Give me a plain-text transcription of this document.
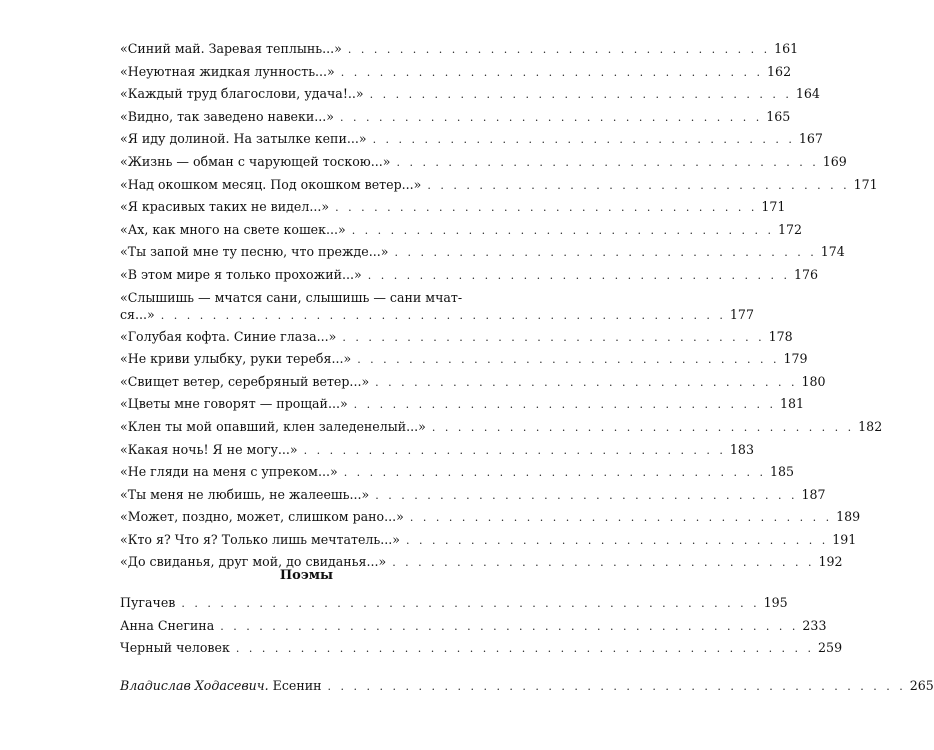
«Синий май. Заревая теплынь...» . . . . . . . . . . . . . . . . . . . . . . . . . . . . . . . . . 161
«Неуютная жидкая лунность...» . . . . . . . . . . . . . . . . . . . . . . . . . . . . . . . . . 162
«Каждый труд благослови, удача!..» . . . . . . . . . . . . . . . . . . . . . . . . . . . . . . . . . 164
«Видно, так заведено навеки...» . . . . . . . . . . . . . . . . . . . . . . . . . . . . . . . . . 165
«Я иду долиной. На затылке кепи...» . . . . . . . . . . . . . . . . . . . . . . . . . . . . . . . . . 167
«Жизнь — обман с чарующей тоскою...» . . . . . . . . . . . . . . . . . . . . . . . . . . . . . . . . . 169
«Над окошком месяц. Под окошком ветер...» . . . . . . . . . . . . . . . . . . . . . . . . . . . . . . . . . 171
«Я красивых таких не видел...» . . . . . . . . . . . . . . . . . . . . . . . . . . . . . . . . . 171
«Ах, как много на свете кошек...» . . . . . . . . . . . . . . . . . . . . . . . . . . . . . . . . . 172
«Ты запой мне ту песню, что прежде...» . . . . . . . . . . . . . . . . . . . . . . . . . . . . . . . . . 174
«В этом мире я только прохожий...» . . . . . . . . . . . . . . . . . . . . . . . . . . . . . . . . . 176
«Слышишь — мчатся сани, слышишь — сани мчат-
ся...» . . . . . . . . . . . . . . . . . . . . . . . . . . . . . . . . . . . . . . . . . . . . 177
«Голубая кофта. Синие глаза...» . . . . . . . . . . . . . . . . . . . . . . . . . . . . . . . . . 178
«Не криви улыбку, руки теребя...» . . . . . . . . . . . . . . . . . . . . . . . . . . . . . . . . . 179
«Свищет ветер, серебряный ветер...» . . . . . . . . . . . . . . . . . . . . . . . . . . . . . . . . . 180
«Цветы мне говорят — прощай...» . . . . . . . . . . . . . . . . . . . . . . . . . . . . . . . . . 181
«Клен ты мой опавший, клен заледенелый...» . . . . . . . . . . . . . . . . . . . . . . . . . . . . . . . . . 182
«Какая ночь! Я не могу...» . . . . . . . . . . . . . . . . . . . . . . . . . . . . . . . . . 183
«Не гляди на меня с упреком...» . . . . . . . . . . . . . . . . . . . . . . . . . . . . . . . . . 185
«Ты меня не любишь, не жалеешь...» . . . . . . . . . . . . . . . . . . . . . . . . . . . . . . . . . 187
«Может, поздно, может, слишком рано...» . . . . . . . . . . . . . . . . . . . . . . . . . . . . . . . . . 189
«Кто я? Что я? Только лишь мечтатель...» . . . . . . . . . . . . . . . . . . . . . . . . . . . . . . . . . 191
«До свиданья, друг мой, до свиданья...» . . . . . . . . . . . . . . . . . . . . . . . . . . . . . . . . . 192
Поэмы
Пугачев . . . . . . . . . . . . . . . . . . . . . . . . . . . . . . . . . . . . . . . . . . . . . 195
Анна Снегина . . . . . . . . . . . . . . . . . . . . . . . . . . . . . . . . . . . . . . . . . . . . . 233
Черный человек . . . . . . . . . . . . . . . . . . . . . . . . . . . . . . . . . . . . . . . . . . . . . 259
Владислав Ходасевич. Есенин . . . . . . . . . . . . . . . . . . . . . . . . . . . . . . . . . . . . . . . . . . . . . 265
